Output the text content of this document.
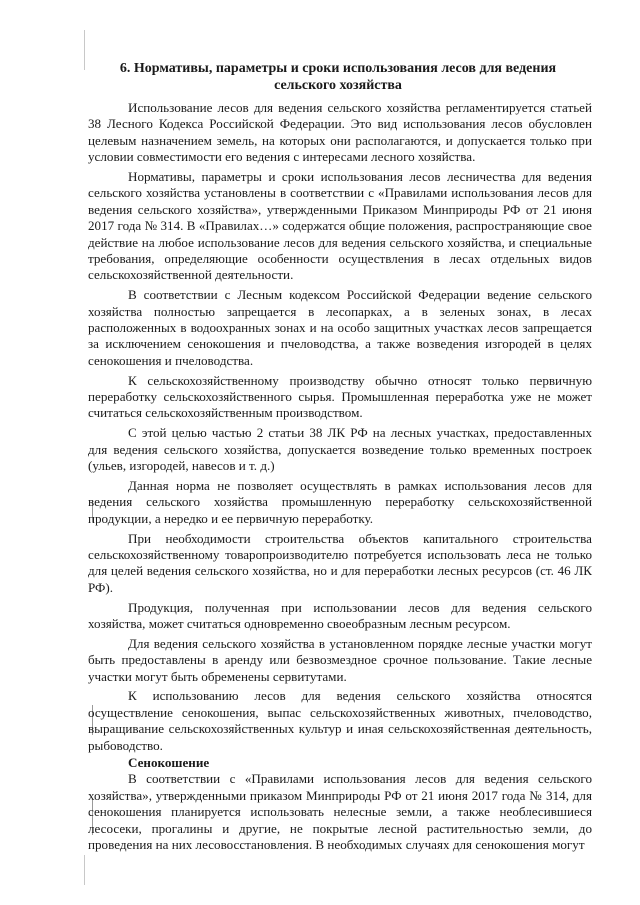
6. Нормативы, параметры и сроки использования лесов для ведения сельского хозяйства

Использование лесов для ведения сельского хозяйства регламентируется статьей 38 Лесного Кодекса Российской Федерации. Это вид использования лесов обусловлен целевым назначением земель, на которых они располагаются, и допускается только при условии совместимости его ведения с интересами лесного хозяйства.

Нормативы, параметры и сроки использования лесов лесничества для ведения сельского хозяйства установлены в соответствии с «Правилами использования лесов для ведения сельского хозяйства», утвержденными Приказом Минприроды РФ от 21 июня 2017 года № 314. В «Правилах…» содержатся общие положения, распространяющие свое действие на любое использование лесов для ведения сельского хозяйства, и специальные требования, определяющие особенности осуществления в лесах отдельных видов сельскохозяйственной деятельности.

В соответствии с Лесным кодексом Российской Федерации ведение сельского хозяйства полностью запрещается в лесопарках, а в зеленых зонах, в лесах расположенных в водоохранных зонах и на особо защитных участках лесов запрещается за исключением сенокошения и пчеловодства, а также возведения изгородей в целях сенокошения и пчеловодства.

К сельскохозяйственному производству обычно относят только первичную переработку сельскохозяйственного сырья. Промышленная переработка уже не может считаться сельскохозяйственным производством.

С этой целью частью 2 статьи 38 ЛК РФ на лесных участках, предоставленных для ведения сельского хозяйства, допускается возведение только временных построек (ульев, изгородей, навесов и т. д.)

Данная норма не позволяет осуществлять в рамках использования лесов для ведения сельского хозяйства промышленную переработку сельскохозяйственной продукции, а нередко и ее первичную переработку.

При необходимости строительства объектов капитального строительства сельскохозяйственному товаропроизводителю потребуется использовать леса не только для целей ведения сельского хозяйства, но и для переработки лесных ресурсов (ст. 46 ЛК РФ).

Продукция, полученная при использовании лесов для ведения сельского хозяйства, может считаться одновременно своеобразным лесным ресурсом.

Для ведения сельского хозяйства в установленном порядке лесные участки могут быть предоставлены в аренду или безвозмездное срочное пользование. Такие лесные участки могут быть обременены сервитутами.

К использованию лесов для ведения сельского хозяйства относятся осуществление сенокошения, выпас сельскохозяйственных животных, пчеловодство, выращивание сельскохозяйственных культур и иная сельскохозяйственная деятельность, рыбоводство.

Сенокошение

В соответствии с «Правилами использования лесов для ведения сельского хозяйства», утвержденными приказом Минприроды РФ от 21 июня 2017 года № 314, для сенокошения планируется использовать нелесные земли, а также необлесившиеся лесосеки, прогалины и другие, не покрытые лесной растительностью земли, до проведения на них лесовосстановления. В необходимых случаях для сенокошения могут
